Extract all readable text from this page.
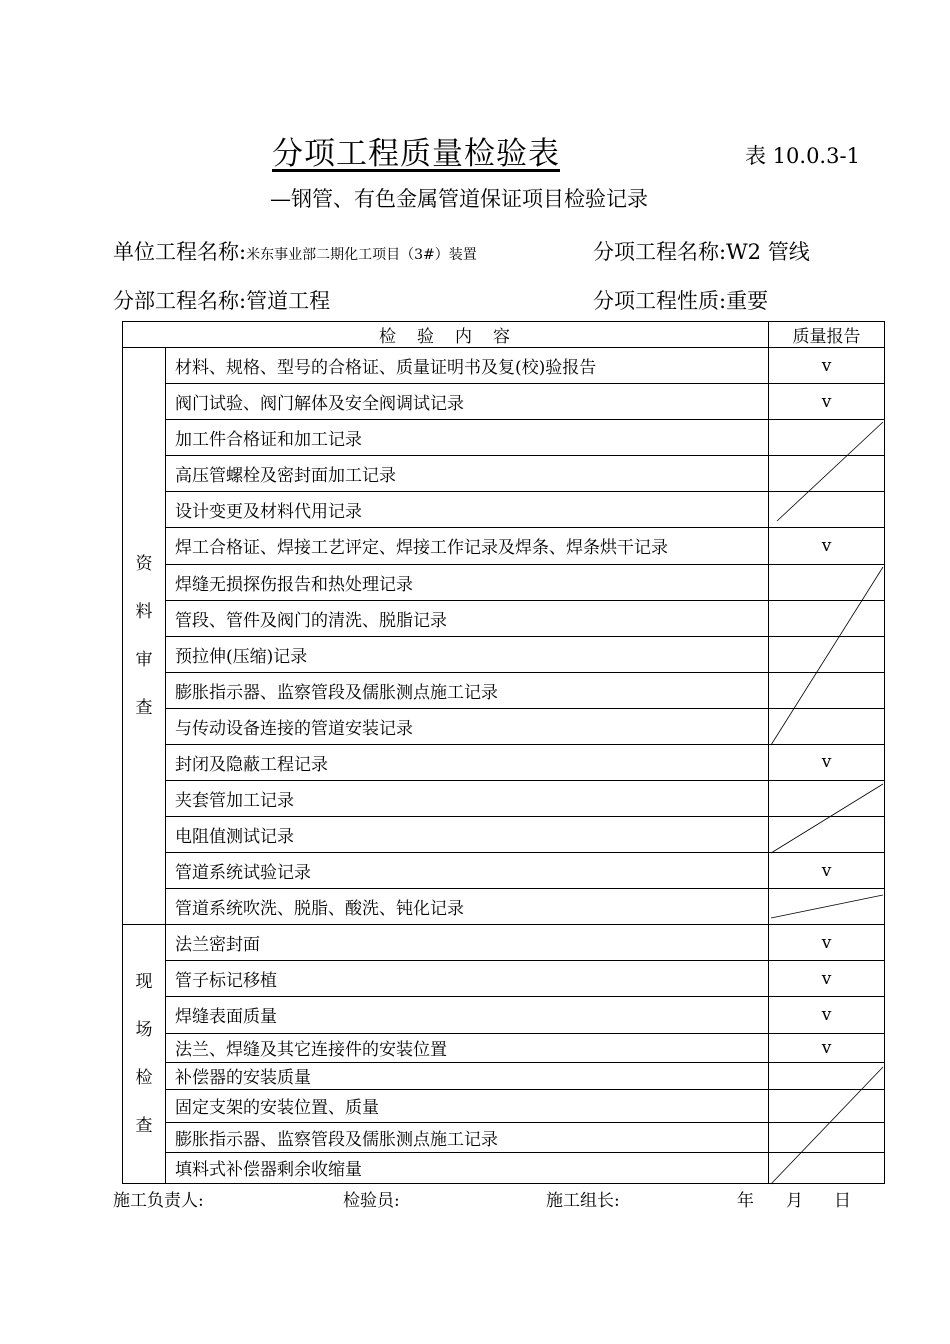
分项工程质量检验表	表 10.0.3-1
—钢管、有色金属管道保证项目检验记录
单位工程名称:米东事业部二期化工项目（3#）装置	分项工程名称:W2 管线
分部工程名称:管道工程	分项工程性质:重要
检　验　内　容		质量报告
资
料
审
查	材料、规格、型号的合格证、质量证明书及复(校)验报告	v
	阀门试验、阀门解体及安全阀调试记录	v
	加工件合格证和加工记录	
	高压管螺栓及密封面加工记录	
	设计变更及材料代用记录	
	焊工合格证、焊接工艺评定、焊接工作记录及焊条、焊条烘干记录	v
	焊缝无损探伤报告和热处理记录	
	管段、管件及阀门的清洗、脱脂记录	
	预拉伸(压缩)记录	
	膨胀指示器、监察管段及儒胀测点施工记录	
	与传动设备连接的管道安装记录	
	封闭及隐蔽工程记录	v
	夹套管加工记录	
	电阻值测试记录	
	管道系统试验记录	v
	管道系统吹洗、脱脂、酸洗、钝化记录	
现
场
检
查	法兰密封面	v
	管子标记移植	v
	焊缝表面质量	v
	法兰、焊缝及其它连接件的安装位置	v
	补偿器的安装质量	
	固定支架的安装位置、质量	
	膨胀指示器、监察管段及儒胀测点施工记录	
	填料式补偿器剩余收缩量	
施工负责人:	检验员:	施工组长:	年 月 日
